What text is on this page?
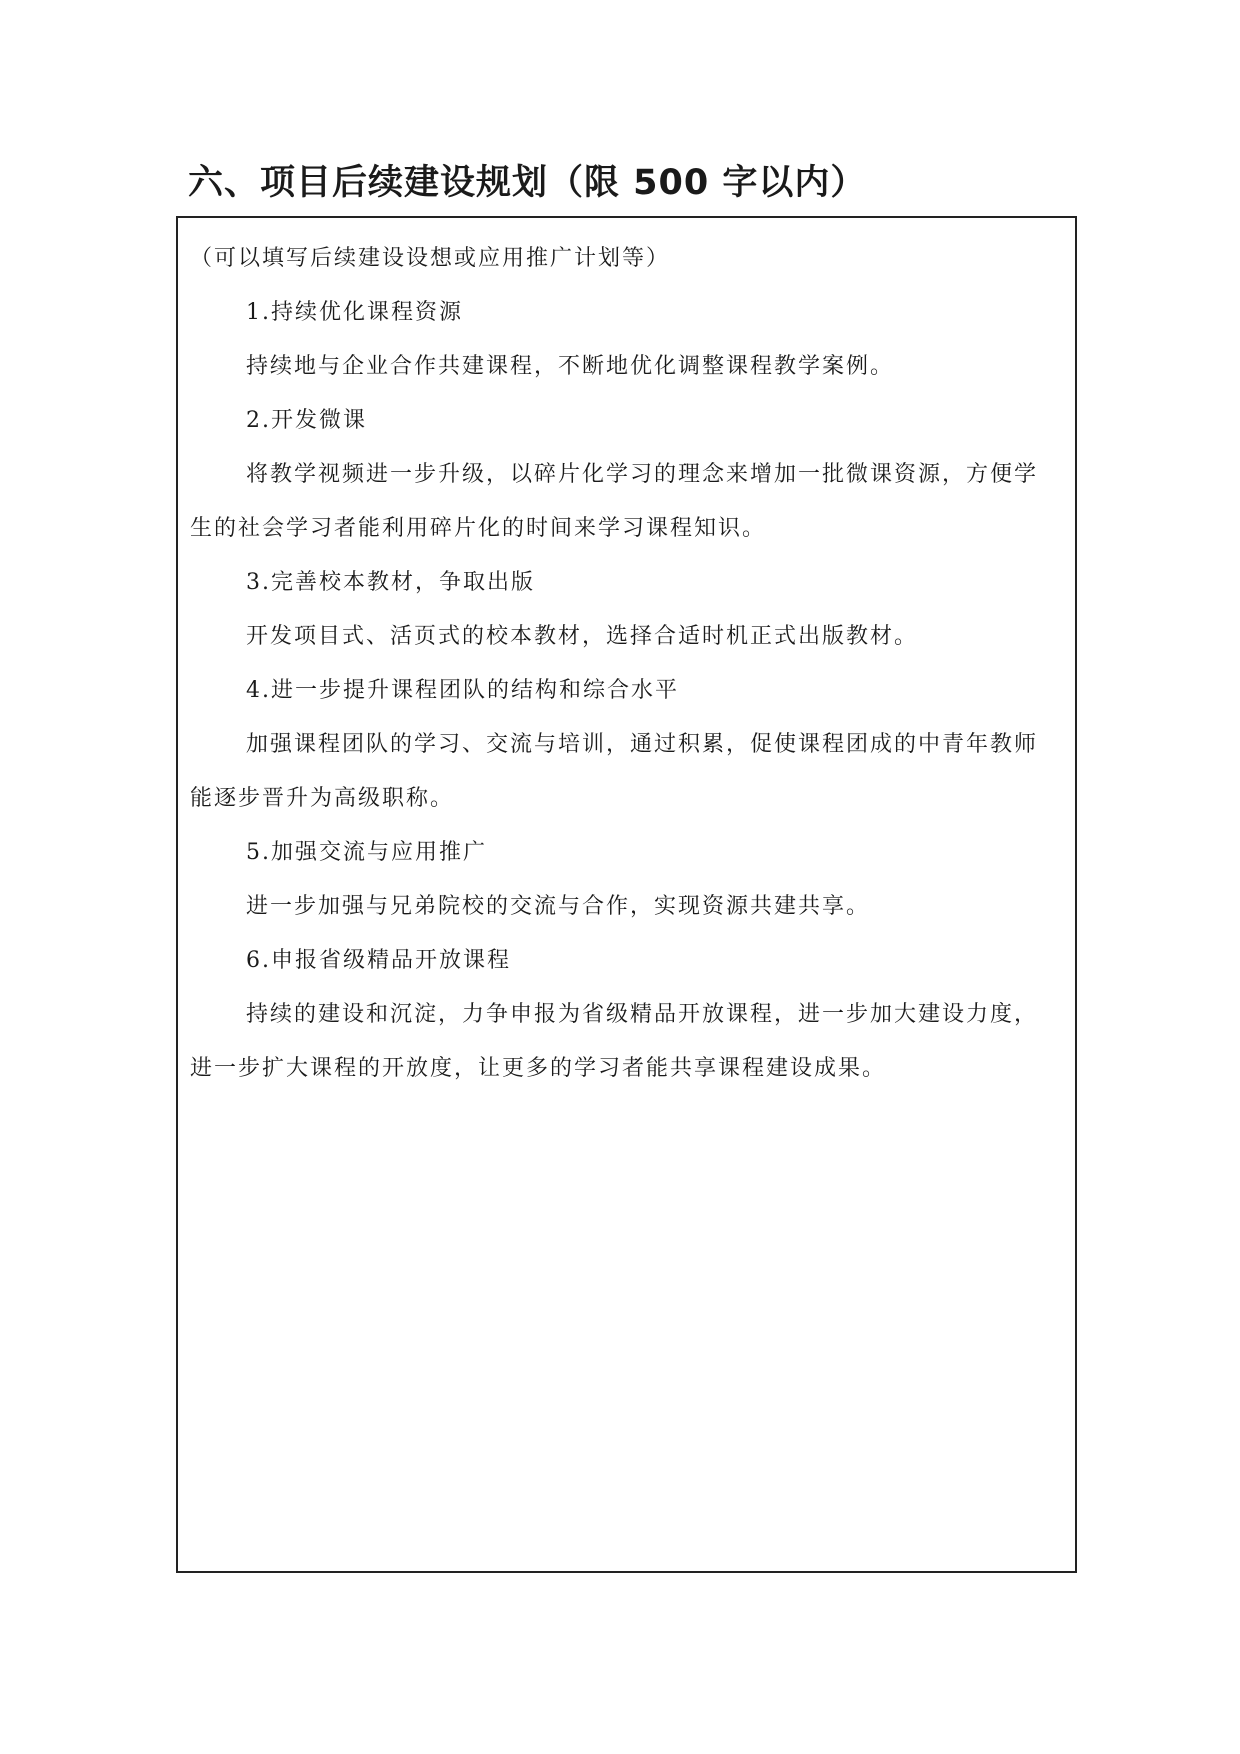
六、项目后续建设规划（限 500 字以内）

（可以填写后续建设设想或应用推广计划等）

1.持续优化课程资源

持续地与企业合作共建课程，不断地优化调整课程教学案例。

2.开发微课

将教学视频进一步升级，以碎片化学习的理念来增加一批微课资源，方便学

生的社会学习者能利用碎片化的时间来学习课程知识。

3.完善校本教材，争取出版

开发项目式、活页式的校本教材，选择合适时机正式出版教材。

4.进一步提升课程团队的结构和综合水平

加强课程团队的学习、交流与培训，通过积累，促使课程团成的中青年教师

能逐步晋升为高级职称。

5.加强交流与应用推广

进一步加强与兄弟院校的交流与合作，实现资源共建共享。

6.申报省级精品开放课程

持续的建设和沉淀，力争申报为省级精品开放课程，进一步加大建设力度，

进一步扩大课程的开放度，让更多的学习者能共享课程建设成果。
